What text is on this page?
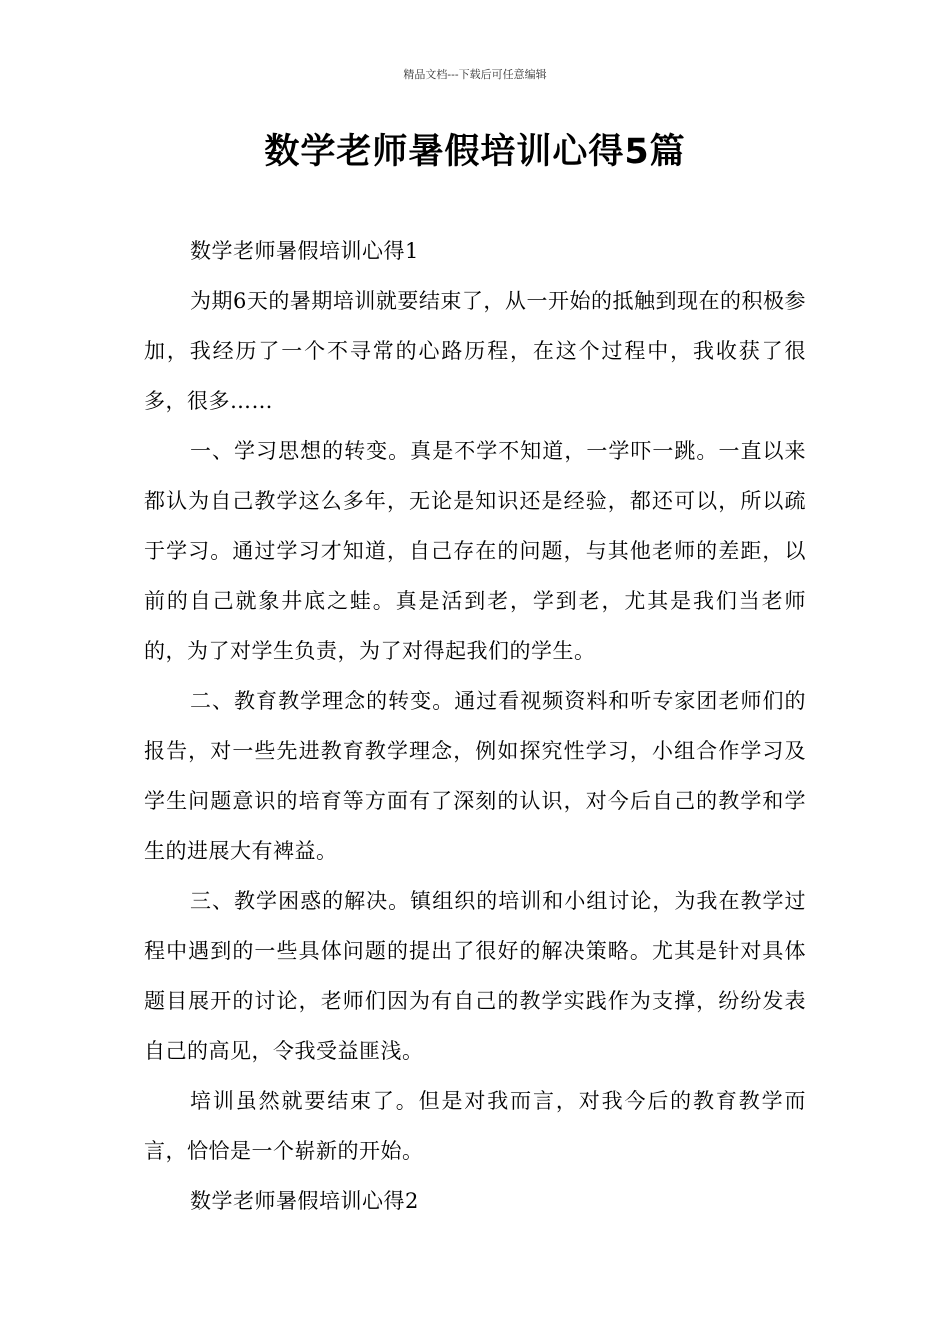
精品文档---下载后可任意编辑
数学老师暑假培训心得5篇

数学老师暑假培训心得1

为期6天的暑期培训就要结束了，从一开始的抵触到现在的积极参加，我经历了一个不寻常的心路历程，在这个过程中，我收获了很多，很多……

一、学习思想的转变。真是不学不知道，一学吓一跳。一直以来都认为自己教学这么多年，无论是知识还是经验，都还可以，所以疏于学习。通过学习才知道，自己存在的问题，与其他老师的差距，以前的自己就象井底之蛙。真是活到老，学到老，尤其是我们当老师的，为了对学生负责，为了对得起我们的学生。

二、教育教学理念的转变。通过看视频资料和听专家团老师们的报告，对一些先进教育教学理念，例如探究性学习，小组合作学习及学生问题意识的培育等方面有了深刻的认识，对今后自己的教学和学生的进展大有裨益。

三、教学困惑的解决。镇组织的培训和小组讨论，为我在教学过程中遇到的一些具体问题的提出了很好的解决策略。尤其是针对具体题目展开的讨论，老师们因为有自己的教学实践作为支撑，纷纷发表自己的高见，令我受益匪浅。

培训虽然就要结束了。但是对我而言，对我今后的教育教学而言，恰恰是一个崭新的开始。

数学老师暑假培训心得2
